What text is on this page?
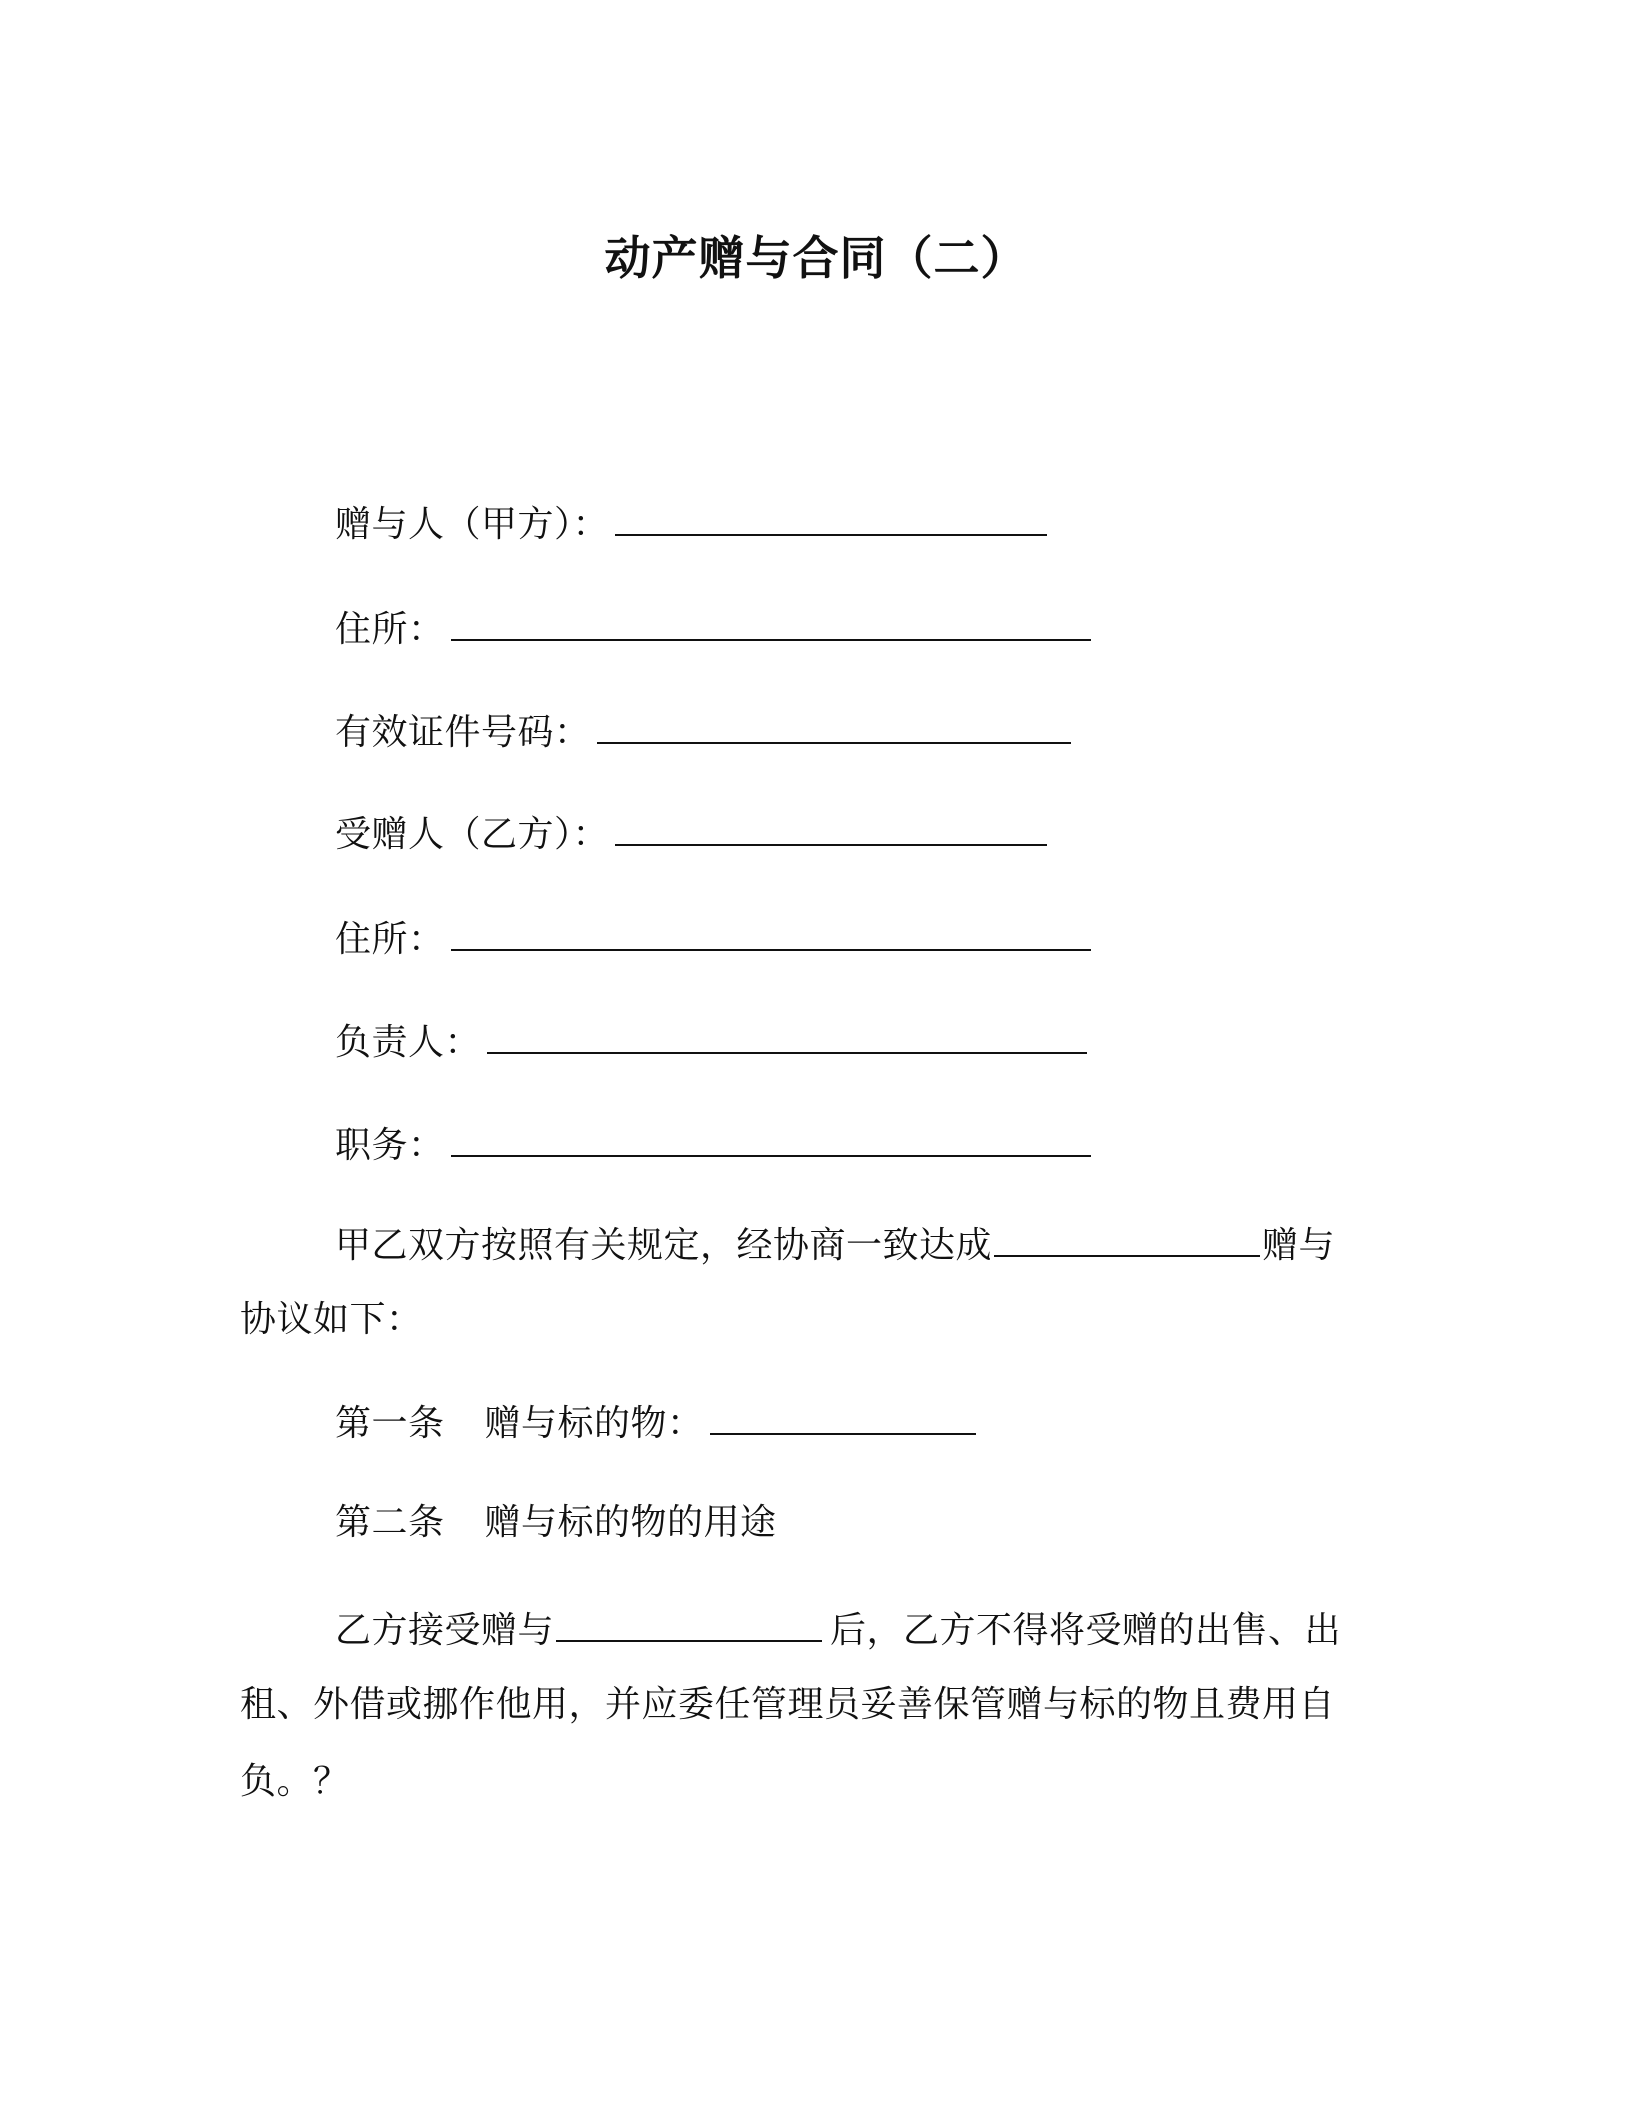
动产赠与合同（二）
赠与人（甲方）：
住所：
有效证件号码：
受赠人（乙方）：
住所：
负责人：
职务：
甲乙双方按照有关规定，经协商一致达成	赠与
协议如下：
第一条 赠与标的物：
第二条 赠与标的物的用途
乙方接受赠与	后，乙方不得将受赠的出售、出
租、外借或挪作他用，并应委任管理员妥善保管赠与标的物且费用自
负。？
